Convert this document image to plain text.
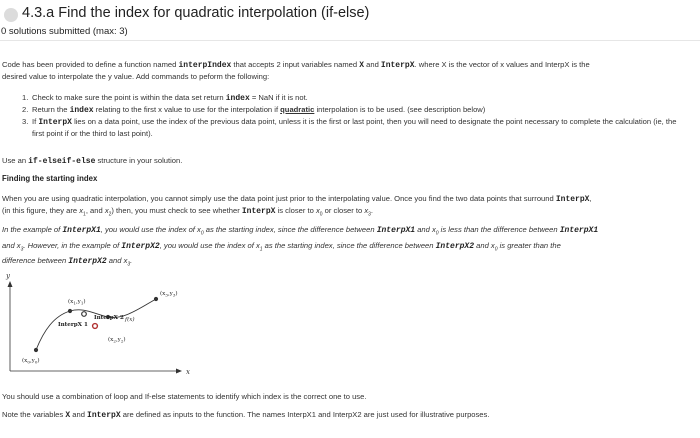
4.3.a Find the index for quadratic interpolation (if-else)
0 solutions submitted (max: 3)
Code has been provided to define a function named interpIndex that accepts 2 input variables named X and InterpX. where X is the vector of x values and InterpX is the
desired value to interpolate the y value. Add commands to peform the following:
1. Check to make sure the point is within the data set return index = NaN if it is not.
2. Return the index relating to the first x value to use for the interpolation if quadratic interpolation is to be used. (see description below)
3. If InterpX lies on a data point, use the index of the previous data point, unless it is the first or last point, then you will need to designate the point necessary to complete the calculation (ie, the first point if or the third to last point).
Use an if-elseif-else structure in your solution.
Finding the starting index
When you are using quadratic interpolation, you cannot simply use the data point just prior to the interpolating value. Once you find the two data points that surround InterpX,
(in this figure, they are $x_1$, and $x_2$) then, you must check to see whether InterpX is closer to $x_0$ or closer to $x_3$.
In the example of InterpX1, you would use the index of $x_0$ as the starting index, since the difference between InterpX1 and $x_0$ is less than the difference between InterpX1
and $x_3$. However, in the example of InterpX2, you would use the index of $x_1$ as the starting index, since the difference between InterpX2 and $x_0$ is greater than the
difference between InterpX2 and $x_3$.
y
x
$(x_0,y_0)$
$(x_1,y_1)$
$(x_2,y_2)$
$(x_3,y_3)$
InterpX 1
InterpX 2 f(x)
You should use a combination of loop and If-else statements to identify which index is the correct one to use.
Note the variables X and InterpX are defined as inputs to the function. The names InterpX1 and InterpX2 are just used for illustrative purposes.
